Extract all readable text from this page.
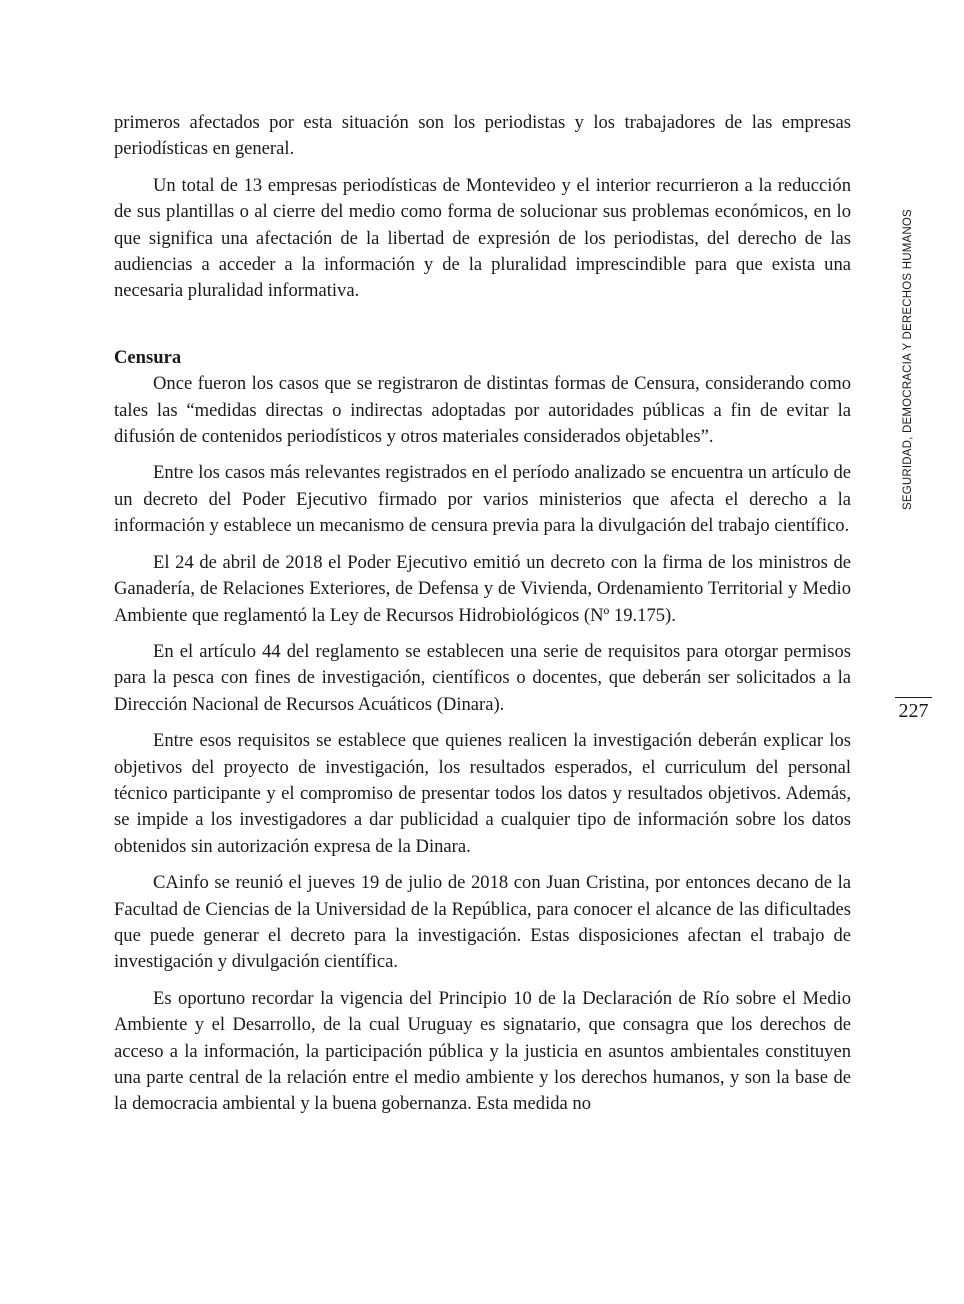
primeros afectados por esta situación son los periodistas y los trabajadores de las empresas periodísticas en general.

Un total de 13 empresas periodísticas de Montevideo y el interior recurrieron a la reducción de sus plantillas o al cierre del medio como forma de solucionar sus problemas económicos, en lo que significa una afectación de la libertad de expresión de los periodistas, del derecho de las audiencias a acceder a la información y de la pluralidad imprescindible para que exista una necesaria pluralidad informativa.

Censura

Once fueron los casos que se registraron de distintas formas de Censura, considerando como tales las “medidas directas o indirectas adoptadas por autoridades públicas a fin de evitar la difusión de contenidos periodísticos y otros materiales considerados objetables”.

Entre los casos más relevantes registrados en el período analizado se encuentra un artículo de un decreto del Poder Ejecutivo firmado por varios ministerios que afecta el derecho a la información y establece un mecanismo de censura previa para la divulgación del trabajo científico.

El 24 de abril de 2018 el Poder Ejecutivo emitió un decreto con la firma de los ministros de Ganadería, de Relaciones Exteriores, de Defensa y de Vivienda, Ordenamiento Territorial y Medio Ambiente que reglamentó la Ley de Recursos Hidrobiológicos (Nº 19.175).

En el artículo 44 del reglamento se establecen una serie de requisitos para otorgar permisos para la pesca con fines de investigación, científicos o docentes, que deberán ser solicitados a la Dirección Nacional de Recursos Acuáticos (Dinara).

Entre esos requisitos se establece que quienes realicen la investigación deberán explicar los objetivos del proyecto de investigación, los resultados esperados, el curriculum del personal técnico participante y el compromiso de presentar todos los datos y resultados objetivos. Además, se impide a los investigadores a dar publicidad a cualquier tipo de información sobre los datos obtenidos sin autorización expresa de la Dinara.

CAinfo se reunió el jueves 19 de julio de 2018 con Juan Cristina, por entonces decano de la Facultad de Ciencias de la Universidad de la República, para conocer el alcance de las dificultades que puede generar el decreto para la investigación. Estas disposiciones afectan el trabajo de investigación y divulgación científica.

Es oportuno recordar la vigencia del Principio 10 de la Declaración de Río sobre el Medio Ambiente y el Desarrollo, de la cual Uruguay es signatario, que consagra que los derechos de acceso a la información, la participación pública y la justicia en asuntos ambientales constituyen una parte central de la relación entre el medio ambiente y los derechos humanos, y son la base de la democracia ambiental y la buena gobernanza. Esta medida no

SEGURIDAD, DEMOCRACIA Y DERECHOS HUMANOS
227
